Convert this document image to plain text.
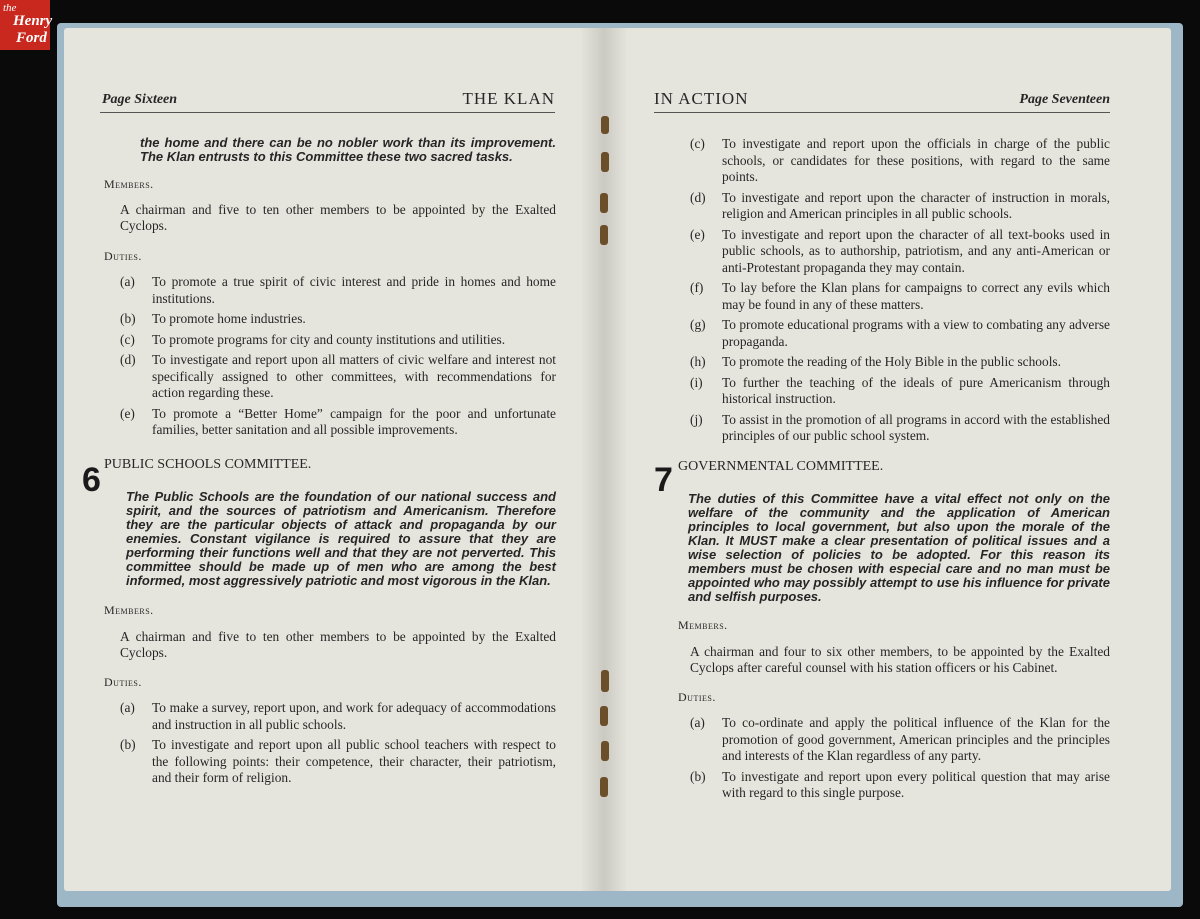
the
Henry
Ford
Page Sixteen	THE KLAN

the home and there can be no nobler work than its improvement. The Klan entrusts to this Committee these two sacred tasks.

Members.

A chairman and five to ten other members to be appointed by the Exalted Cyclops.

Duties.

(a) To promote a true spirit of civic interest and pride in homes and home institutions.
(b) To promote home industries.
(c) To promote programs for city and county institutions and utilities.
(d) To investigate and report upon all matters of civic welfare and interest not specifically assigned to other committees, with recommendations for action regarding these.
(e) To promote a “Better Home” campaign for the poor and unfortunate families, better sanitation and all possible improvements.
6 PUBLIC SCHOOLS COMMITTEE.

The Public Schools are the foundation of our national success and spirit, and the sources of patriotism and Americanism. Therefore they are the particular objects of attack and propaganda by our enemies. Constant vigilance is required to assure that they are performing their functions well and that they are not perverted. This committee should be made up of men who are among the best informed, most aggressively patriotic and most vigorous in the Klan.

Members.

A chairman and five to ten other members to be appointed by the Exalted Cyclops.

Duties.

(a) To make a survey, report upon, and work for adequacy of accommodations and instruction in all public schools.
(b) To investigate and report upon all public school teachers with respect to the following points: their competence, their character, their patriotism, and their form of religion.
IN ACTION	Page Seventeen
(c) To investigate and report upon the officials in charge of the public schools, or candidates for these positions, with regard to the same points.
(d) To investigate and report upon the character of instruction in morals, religion and American principles in all public schools.
(e) To investigate and report upon the character of all text-books used in public schools, as to authorship, patriotism, and any anti-American or anti-Protestant propaganda they may contain.
(f) To lay before the Klan plans for campaigns to correct any evils which may be found in any of these matters.
(g) To promote educational programs with a view to combating any adverse propaganda.
(h) To promote the reading of the Holy Bible in the public schools.
(i) To further the teaching of the ideals of pure Americanism through historical instruction.
(j) To assist in the promotion of all programs in accord with the established principles of our public school system.
7 GOVERNMENTAL COMMITTEE.

The duties of this Committee have a vital effect not only on the welfare of the community and the application of American principles to local government, but also upon the morale of the Klan. It MUST make a clear presentation of political issues and a wise selection of policies to be adopted. For this reason its members must be chosen with especial care and no man must be appointed who may possibly attempt to use his influence for private and selfish purposes.

Members.

A chairman and four to six other members, to be appointed by the Exalted Cyclops after careful counsel with his station officers or his Cabinet.

Duties.

(a) To co-ordinate and apply the political influence of the Klan for the promotion of good government, American principles and the principles and interests of the Klan regardless of any party.
(b) To investigate and report upon every political question that may arise with regard to this single purpose.
